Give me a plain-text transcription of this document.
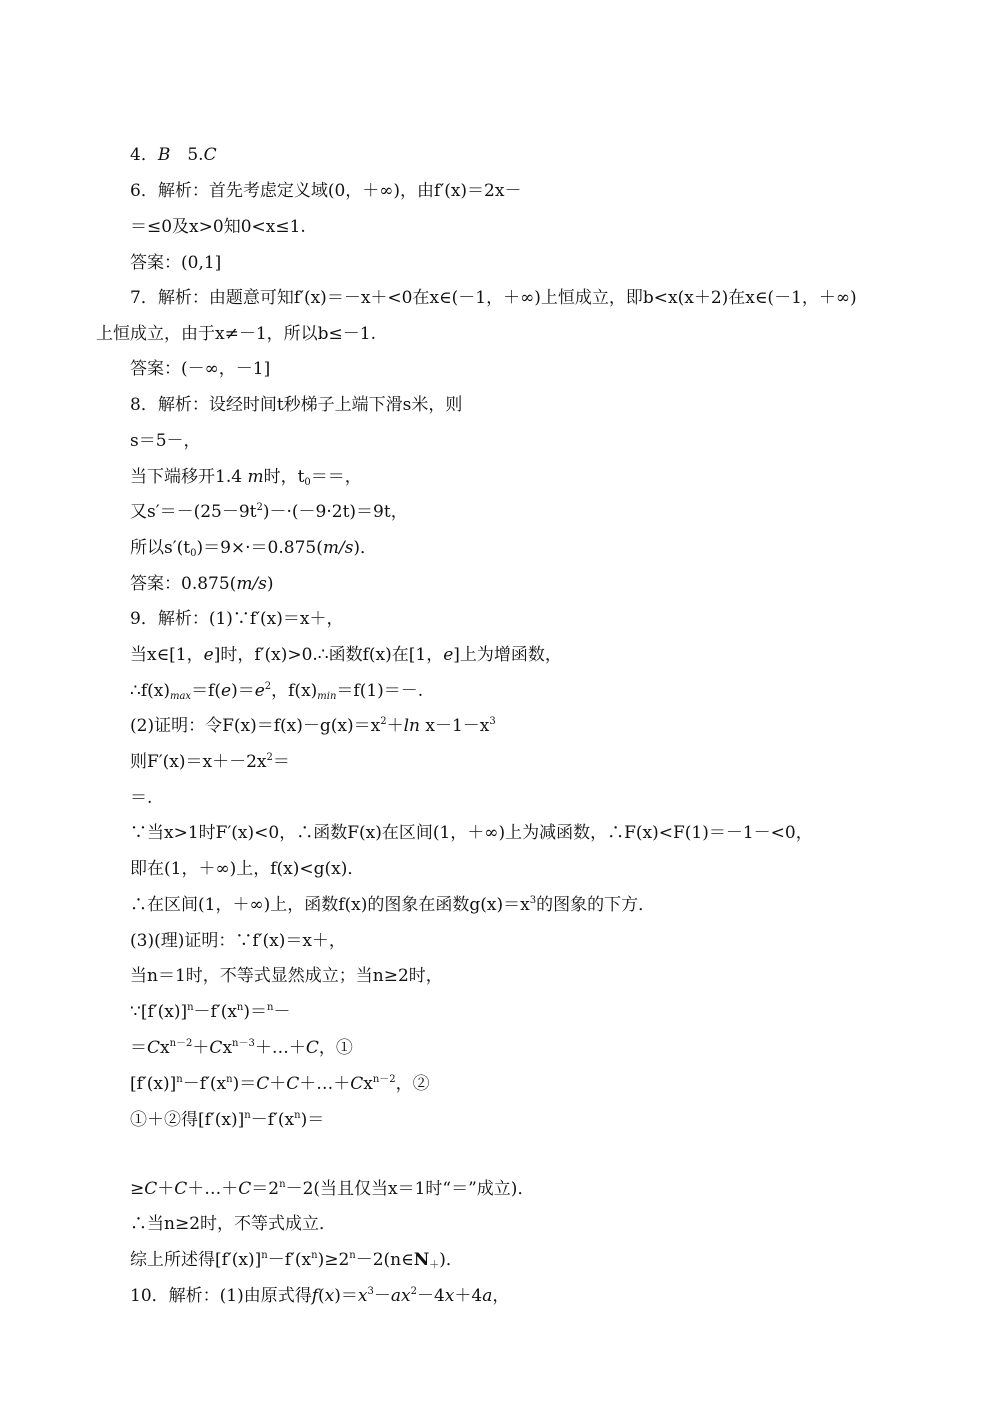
4．B　5.C
6．解析：首先考虑定义域(0，＋∞)，由f′(x)＝2x－
＝≤0及x>0知0<x≤1.
答案：(0,1]
7．解析：由题意可知f′(x)＝－x＋<0在x∈(－1，＋∞)上恒成立，即b<x(x＋2)在x∈(－1，＋∞)
上恒成立，由于x≠－1，所以b≤－1.
答案：(－∞，－1]
8．解析：设经时间t秒梯子上端下滑s米，则
s＝5－，
当下端移开1.4 m时，$t_0==$，
又$s'=-(25-9t^2)-\cdot(-9\cdot 2t)=9t$，
所以$s'(t_0)=9\times\cdot=0.875(m/s)$．
答案：0.875(m/s)
9．解析：(1)∵f′(x)＝x＋，
当x∈[1，e]时，f′(x)>0.∴函数f(x)在[1，e]上为增函数，
$\therefore f(x)_{max}=f(e)=e^2$，$f(x)_{min}=f(1)=-$.
(2)证明：令$F(x)=f(x)-g(x)=x^2+\ln$ $x-1-x^3$
则$F'(x)=x+-2x^2=$
＝.
∵当x>1时F′(x)<0，∴函数F(x)在区间(1，＋∞)上为减函数，∴F(x)<F(1)＝－1－<0，
即在(1，＋∞)上，f(x)<g(x)．
∴在区间(1，＋∞)上，函数f(x)的图象在函数$g(x)=x^3$的图象的下方．
(3)(理)证明：∵f′(x)＝x＋，
当n＝1时，不等式显然成立；当n≥2时，
$\because[f'(x)]^n-f'(x^n)=^n-$
$=Cx^{n-2}+Cx^{n-3}+\dots+C$，①
$[f'(x)]^n-f'(x^n)=C+C+\dots+Cx^{n-2}$，②
①＋②得$[f'(x)]^n-f'(x^n)=$
$\ge C+C+\dots+C=2^n-2$(当且仅当x＝1时“＝”成立)．
∴当n≥2时，不等式成立．
综上所述得$[f'(x)]^n-f'(x^n)\ge 2^n-2(n\in N_+)$．
10．解析：(1)由原式得$f(x)=x^3-ax^2-4x+4a$，
